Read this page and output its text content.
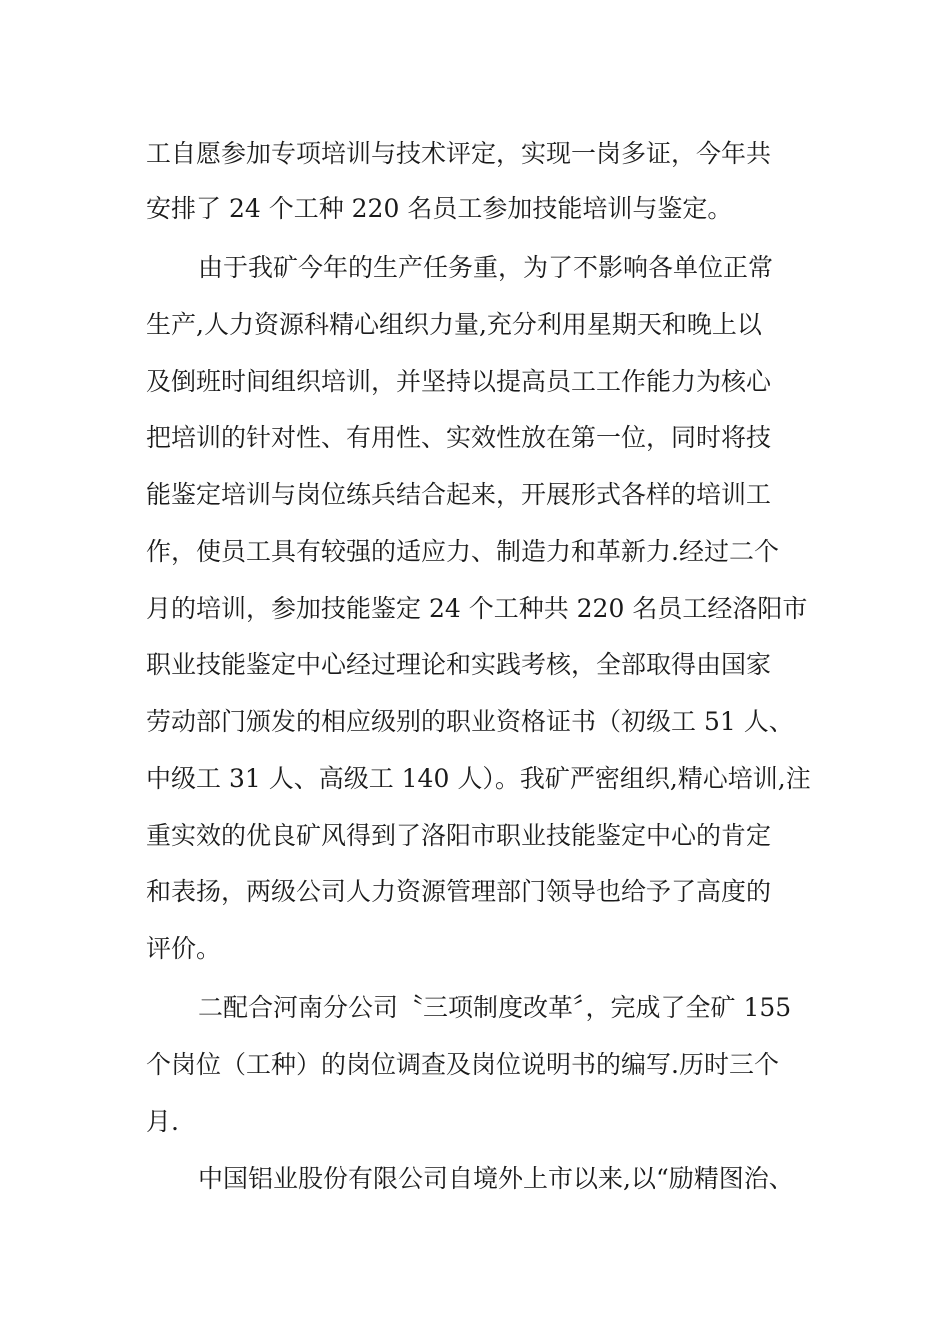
工自愿参加专项培训与技术评定，实现一岗多证，今年共

安排了 24 个工种 220 名员工参加技能培训与鉴定。

由于我矿今年的生产任务重，为了不影响各单位正常

生产,人力资源科精心组织力量,充分利用星期天和晚上以

及倒班时间组织培训，并坚持以提高员工工作能力为核心

把培训的针对性、有用性、实效性放在第一位，同时将技

能鉴定培训与岗位练兵结合起来，开展形式各样的培训工

作，使员工具有较强的适应力、制造力和革新力.经过二个

月的培训，参加技能鉴定 24 个工种共 220 名员工经洛阳市

职业技能鉴定中心经过理论和实践考核，全部取得由国家

劳动部门颁发的相应级别的职业资格证书（初级工 51 人、

中级工 31 人、高级工 140 人）。我矿严密组织,精心培训,注

重实效的优良矿风得到了洛阳市职业技能鉴定中心的肯定

和表扬，两级公司人力资源管理部门领导也给予了高度的

评价。

二配合河南分公司〝三项制度改革〞，完成了全矿 155

个岗位（工种）的岗位调查及岗位说明书的编写.历时三个

月.

中国铝业股份有限公司自境外上市以来,以“励精图治、
